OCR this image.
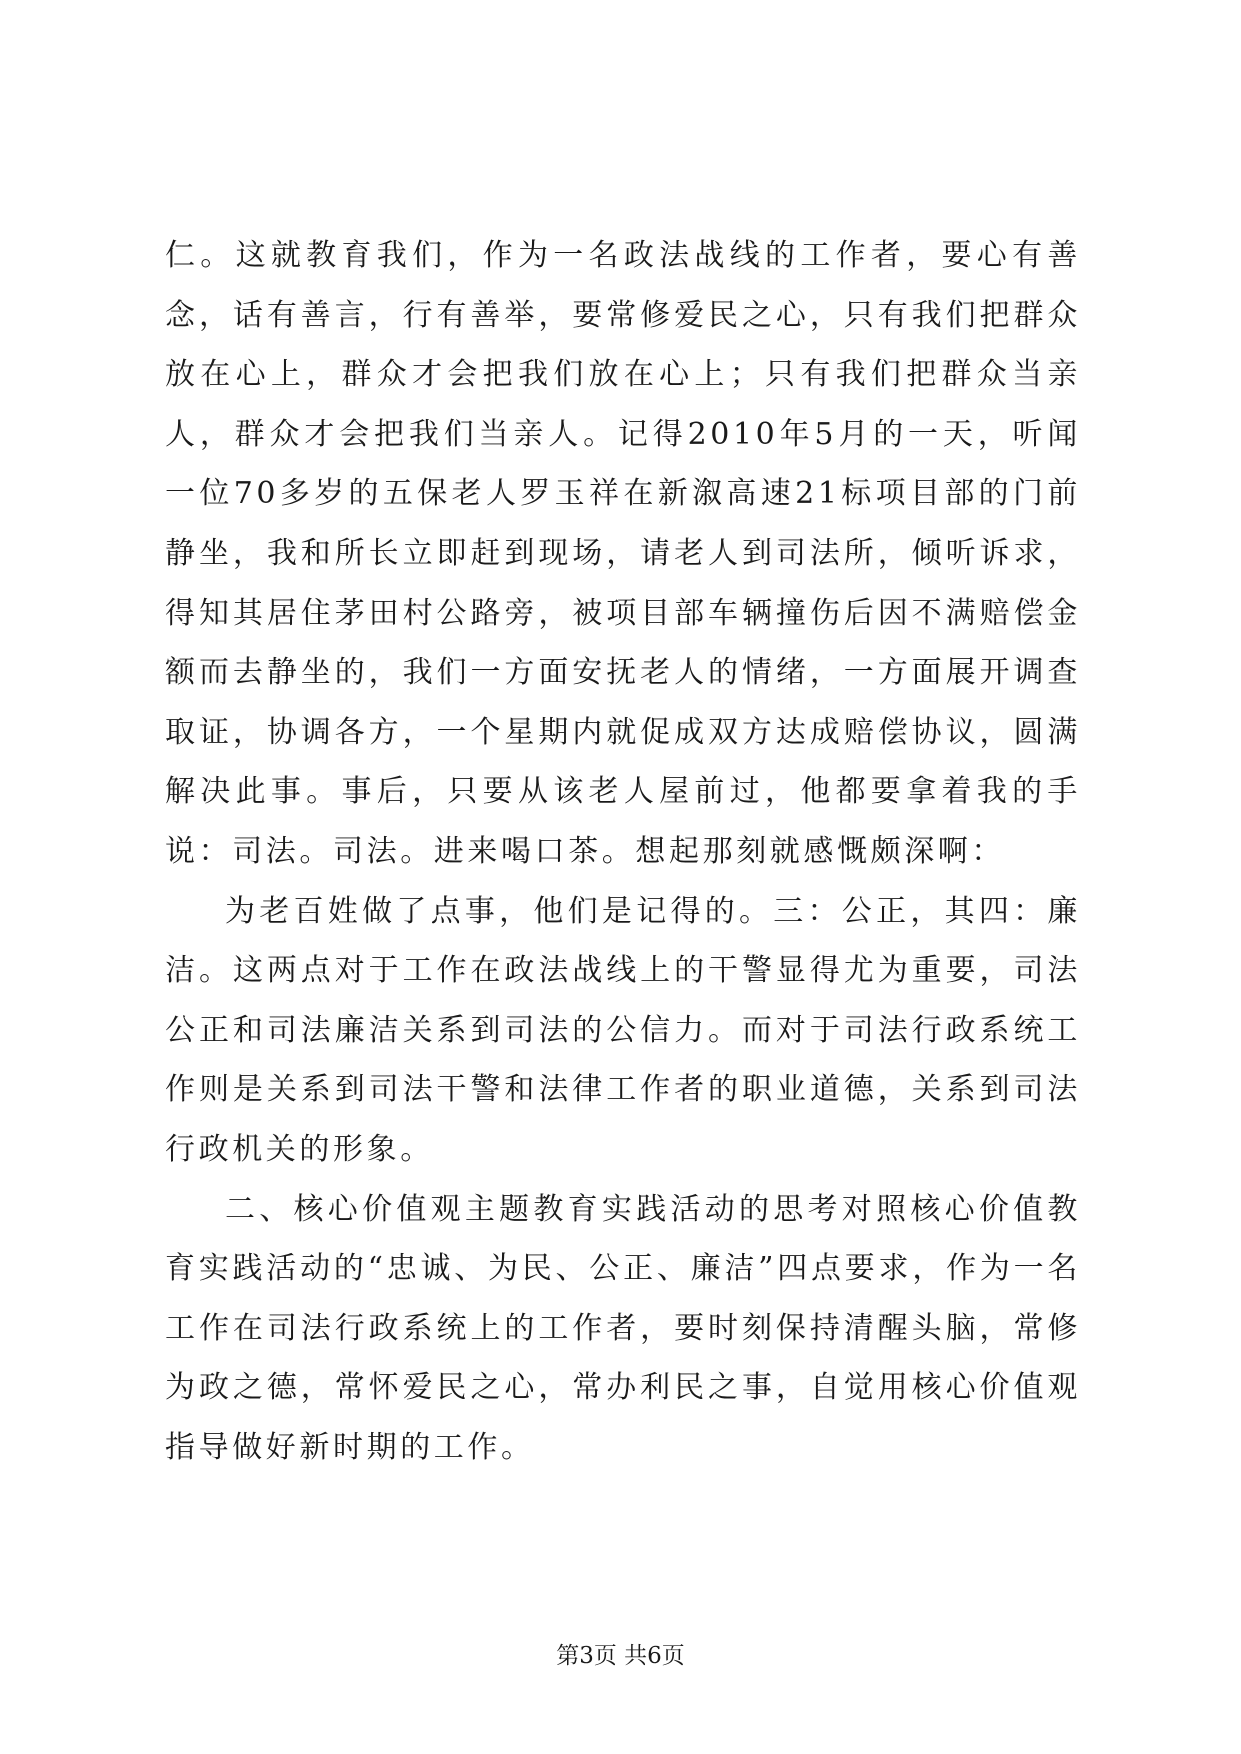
仁。这就教育我们，作为一名政法战线的工作者，要心有善念，话有善言，行有善举，要常修爱民之心，只有我们把群众放在心上，群众才会把我们放在心上；只有我们把群众当亲人，群众才会把我们当亲人。记得2010年5月的一天，听闻一位70多岁的五保老人罗玉祥在新溆高速21标项目部的门前静坐，我和所长立即赶到现场，请老人到司法所，倾听诉求，得知其居住茅田村公路旁，被项目部车辆撞伤后因不满赔偿金额而去静坐的，我们一方面安抚老人的情绪，一方面展开调查取证，协调各方，一个星期内就促成双方达成赔偿协议，圆满解决此事。事后，只要从该老人屋前过，他都要拿着我的手说：司法。司法。进来喝口茶。想起那刻就感慨颇深啊：

为老百姓做了点事，他们是记得的。三：公正，其四：廉洁。这两点对于工作在政法战线上的干警显得尤为重要，司法公正和司法廉洁关系到司法的公信力。而对于司法行政系统工作则是关系到司法干警和法律工作者的职业道德，关系到司法行政机关的形象。

二、核心价值观主题教育实践活动的思考对照核心价值教育实践活动的“忠诚、为民、公正、廉洁”四点要求，作为一名工作在司法行政系统上的工作者，要时刻保持清醒头脑，常修为政之德，常怀爱民之心，常办利民之事，自觉用核心价值观指导做好新时期的工作。

第3页 共6页
